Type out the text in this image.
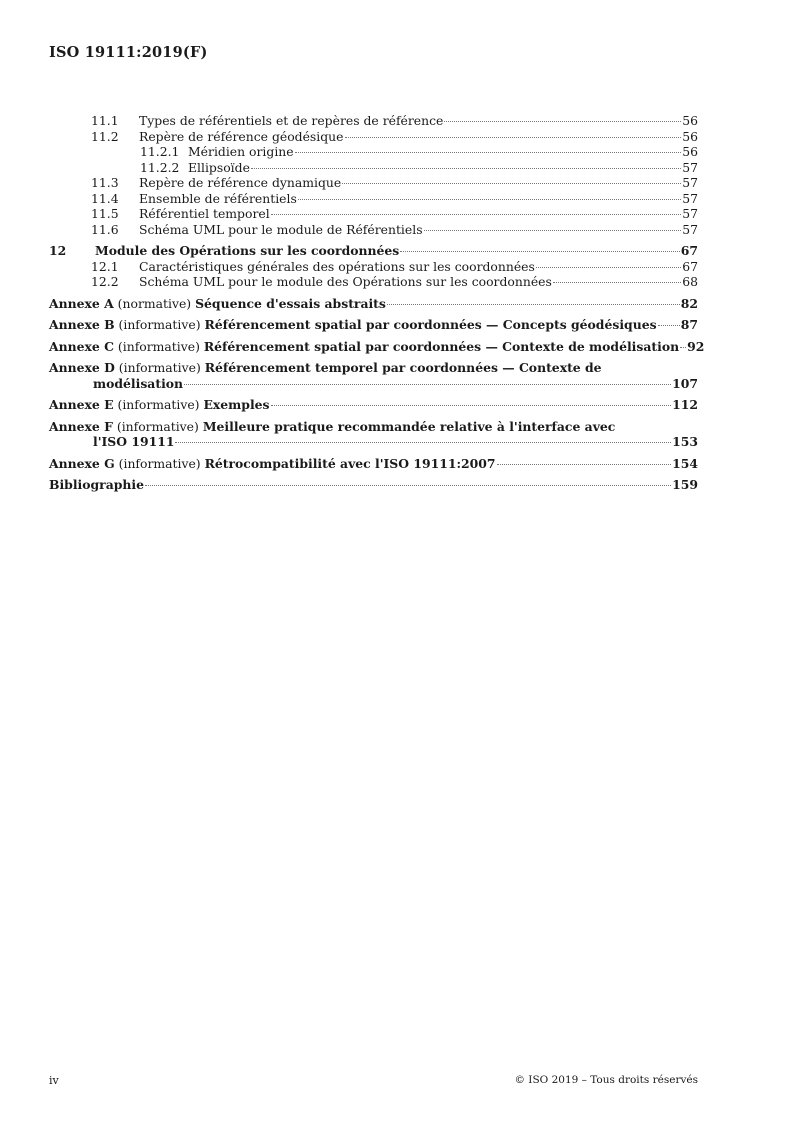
ISO 19111:2019(F)
11.1 Types de référentiels et de repères de référence	56
11.2 Repère de référence géodésique	56
11.2.1 Méridien origine	56
11.2.2 Ellipsoïde	57
11.3 Repère de référence dynamique	57
11.4 Ensemble de référentiels	57
11.5 Référentiel temporel	57
11.6 Schéma UML pour le module de Référentiels	57
12 Module des Opérations sur les coordonnées	67
12.1 Caractéristiques générales des opérations sur les coordonnées	67
12.2 Schéma UML pour le module des Opérations sur les coordonnées	68
Annexe A (normative) Séquence d'essais abstraits	82
Annexe B (informative) Référencement spatial par coordonnées — Concepts géodésiques 87
Annexe C (informative) Référencement spatial par coordonnées — Contexte de modélisation 92
Annexe D (informative) Référencement temporel par coordonnées — Contexte de
modélisation	107
Annexe E (informative) Exemples	112
Annexe F (informative) Meilleure pratique recommandée relative à l'interface avec
l'ISO 19111	153
Annexe G (informative) Rétrocompatibilité avec l'ISO 19111:2007	154
Bibliographie	159
iv	© ISO 2019 – Tous droits réservés
